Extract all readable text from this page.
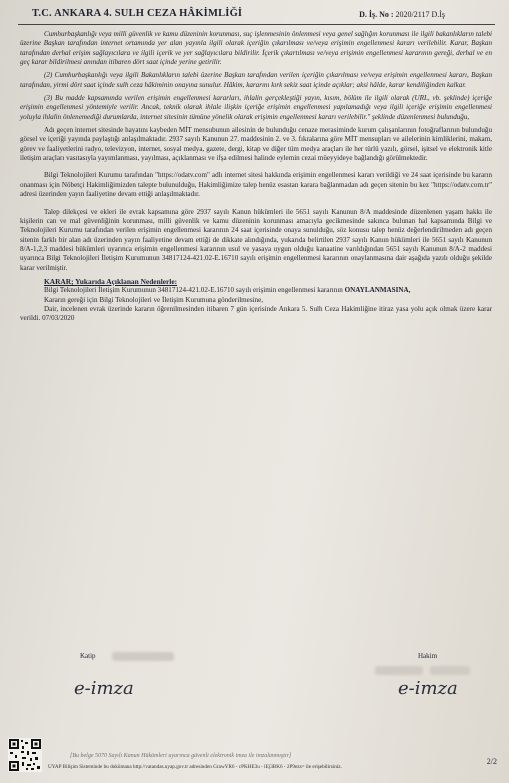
T.C. ANKARA 4. SULH CEZA HÂKİMLİĞİ	D. İş. No : 2020/2117 D.İş

Cumhurbaşkanlığı veya milli güvenlik ve kamu düzeninin korunması, suç işlenmesinin önlenmesi veya genel sağlığın korunması ile ilgili bakanlıkların talebi üzerine Başkan tarafından internet ortamında yer alan yayınla ilgili olarak içeriğin çıkarılması ve/veya erişimin engellenmesi kararı verilebilir. Karar, Başkan tarafından derhal erişim sağlayıcılara ve ilgili içerik ve yer sağlayıcılara bildirilir. İçerik çıkartılması ve/veya erişimin engellenmesi kararının gereği, derhal ve en geç karar bildirilmesi anından itibaren dört saat içinde yerine getirilir.

(2) Cumhurbaşkanlığı veya ilgili Bakanlıkların talebi üzerine Başkan tarafından verilen içeriğin çıkarılması ve/veya erişimin engellenmesi kararı, Başkan tarafından, yirmi dört saat içinde sulh ceza hâkiminin onayına sunulur. Hâkim, kararını kırk sekiz saat içinde açıklar; aksi hâlde, karar kendiliğinden kalkar.

(3) Bu madde kapsamında verilen erişimin engellenmesi kararları, ihlalin gerçekleştiği yayın, kısım, bölüm ile ilgili olarak (URL, vb. şeklinde) içeriğe erişimin engellenmesi yöntemiyle verilir. Ancak, teknik olarak ihlale ilişkin içeriğe erişimin engellenmesi yapılamadığı veya ilgili içeriğe erişimin engellenmesi yoluyla ihlalin önlenemediği durumlarda, internet sitesinin tümüne yönelik olarak erişimin engellenmesi kararı verilebilir." şeklinde düzenlenmesi bulunduğu,

Adı geçen internet sitesinde hayatını kaybeden MİT mensubunun ailesinin de bulunduğu cenaze merasiminde kurum çalışanlarının fotoğraflarının bulunduğu görsel ve içeriği yayında paylaştığı anlaşılmaktadır. 2937 sayılı Kanunun 27. maddesinin 2. ve 3. fıkralarına göre MİT mensupları ve ailelerinin kimliklerini, makam, görev ve faaliyetlerini radyo, televizyon, internet, sosyal medya, gazete, dergi, kitap ve diğer tüm medya araçları ile her türlü yazılı, görsel, işitsel ve elektronik kitle iletişim araçları vasıtasıyla yayımlanması, yayılması, açıklanması ve ifşa edilmesi halinde eylemin cezai müeyyideye bağlandığı görülmektedir.

Bilgi Teknolojileri Kurumu tarafından "https://odatv.com" adlı internet sitesi hakkında erişimin engellenmesi kararı verildiği ve 24 saat içerisinde bu kararın onanması için Nöbetçi Hakimliğimizden talepte bulunulduğu, Hakimliğimize talep henüz esastan karara bağlanmadan adı geçen sitenin bu kez "https://odatv.com.tr" adresi üzerinden yayın faaliyetine devam ettiği anlaşılmaktadır.

Talep dilekçesi ve ekleri ile evrak kapsamına göre 2937 sayılı Kanun hükümleri ile 5651 sayılı Kanunun 8/A maddesinde düzenlenen yaşam hakkı ile kişilerin can ve mal güvenliğinin korunması, milli güvenlik ve kamu düzeninin korunması amacıyla gecikmesinde sakınca bulunan hal kapsamında Bilgi ve Teknolojileri Kurumu tarafından verilen erişimin engellenmesi kararının 24 saat içerisinde onaya sunulduğu, söz konusu talep henüz değerlendirilmeden adı geçen sitenin farklı bir alan adı üzerinden yayın faaliyetine devam ettiği de dikkate alındığında, yukarıda belirtilen 2937 sayılı Kanun hükümleri ile 5651 sayılı Kanunun 8/A-1,2,3 maddesi hükümleri uyarınca erişimin engellenmesi kararının usul ve yasaya uygun olduğu kanaatine varıldığından 5651 sayılı Kanunun 8/A-2 maddesi uyarınca Bilgi Teknolojileri İletişim Kurumunun 34817124-421.02-E.16710 sayılı erişimin engellenmesi kararının onaylanmasına dair aşağıda yazılı olduğu şekilde karar verilmiştir.

KARAR; Yukarıda Açıklanan Nedenlerle:

Bilgi Teknolojileri İletişim Kurumunun 34817124-421.02-E.16710 sayılı erişimin engellenmesi kararının ONAYLANMASINA,

Kararın gereği için Bilgi Teknolojileri ve İletişim Kurumuna gönderilmesine,

Dair, incelenen evrak üzerinde kararın öğrenilmesinden itibaren 7 gün içerisinde Ankara 5. Sulh Ceza Hakimliğine itiraz yasa yolu açık olmak üzere karar verildi. 07/03/2020

Katip	Hakim
e-imza	e-imza
[Bu belge 5070 Sayılı Kanun Hükümleri uyarınca güvenli elektronik imza ile imzalanmıştır]
2/2
UYAP Bilişim Sisteminde bu dokümana http://vatandas.uyap.gov.tr adresinden GrawYR6 - cPKHE3u - lEj3BK6 - 2P9ezs= ile erişebilirsiniz.
